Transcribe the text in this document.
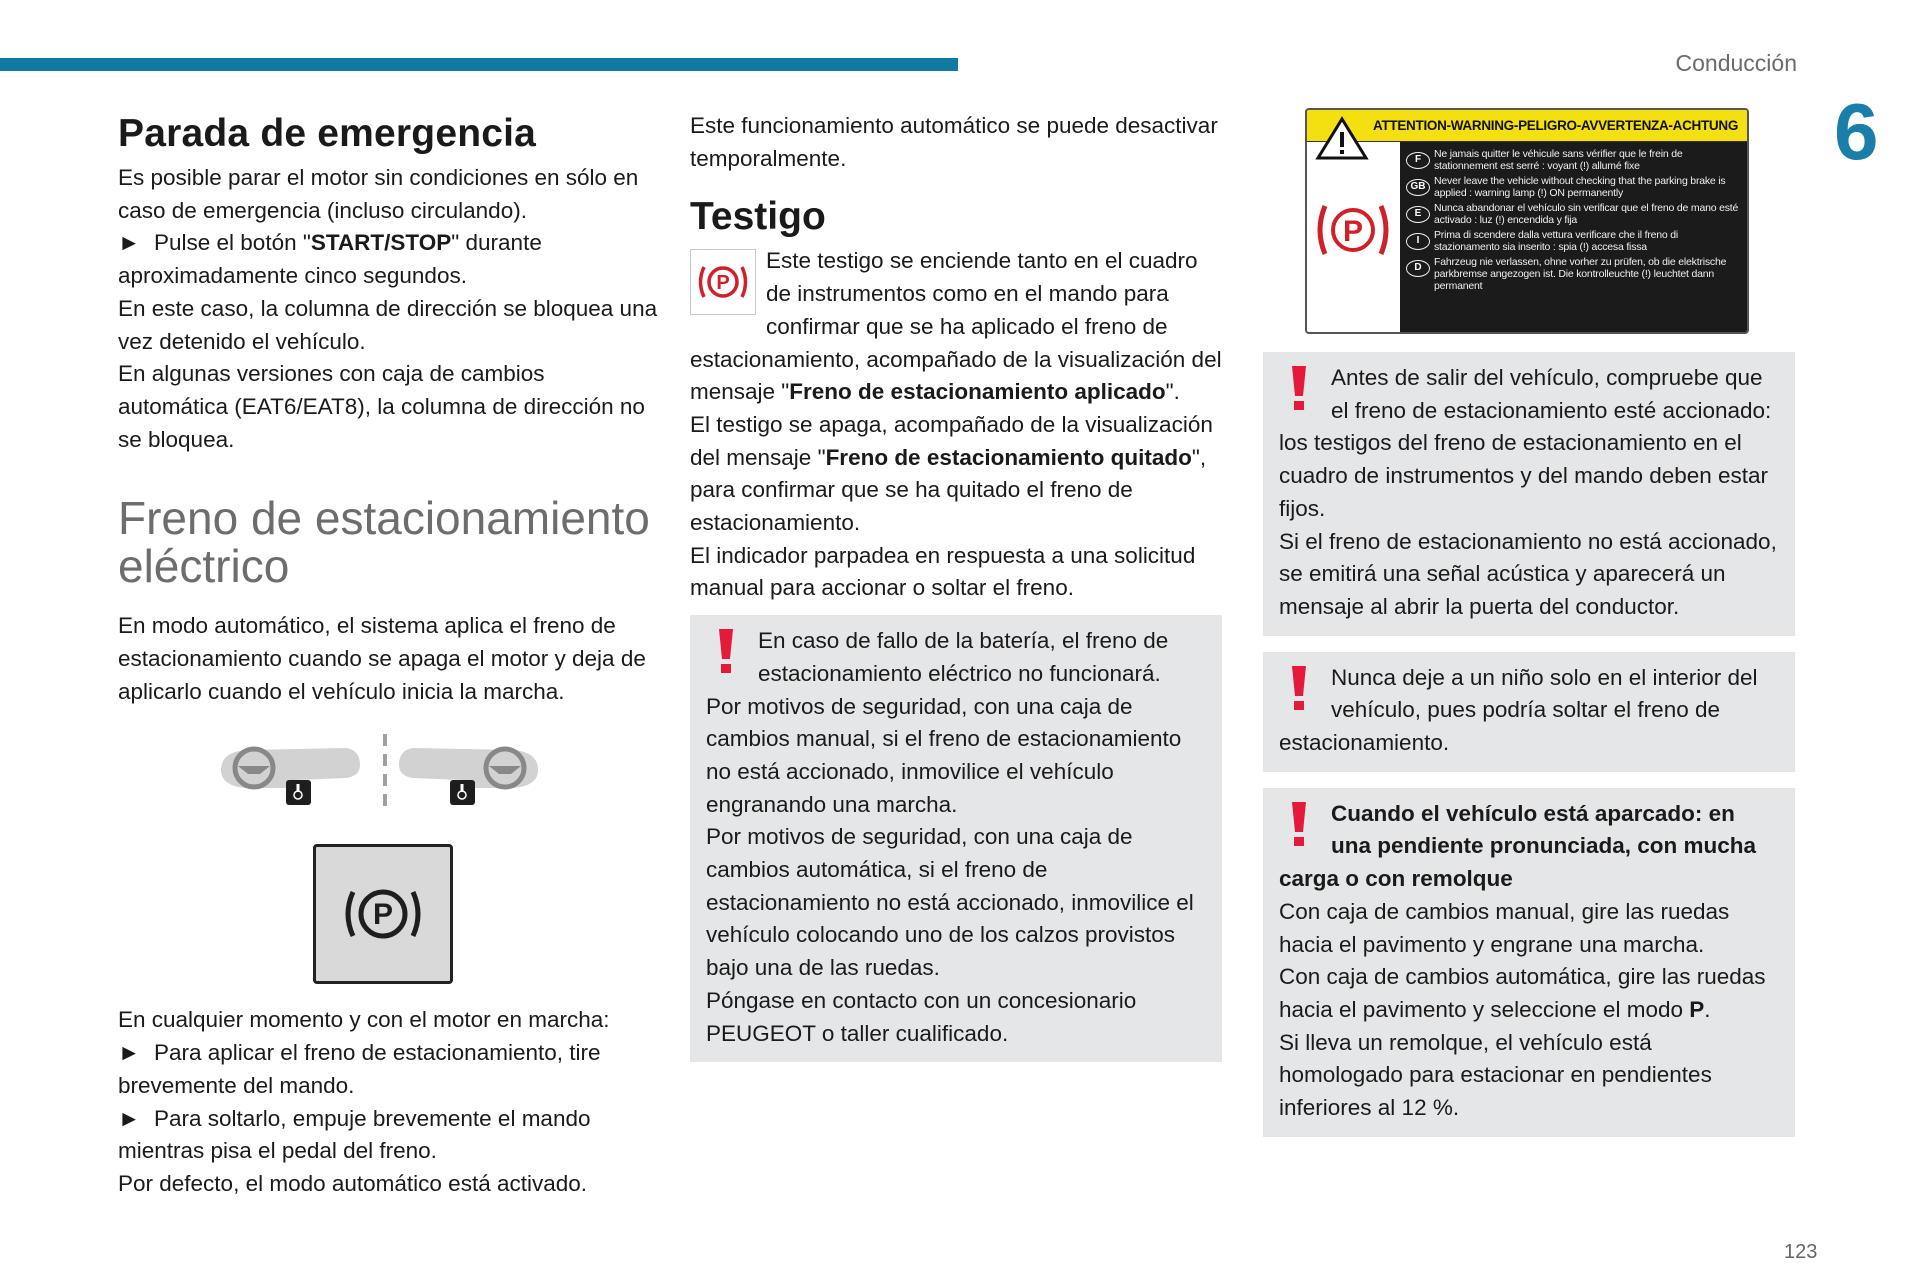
Conducción
6
Parada de emergencia

Es posible parar el motor sin condiciones en sólo en caso de emergencia (incluso circulando).

► Pulse el botón "START/STOP" durante aproximadamente cinco segundos.

En este caso, la columna de dirección se bloquea una vez detenido el vehículo.

En algunas versiones con caja de cambios automática (EAT6/EAT8), la columna de dirección no se bloquea.

Freno de estacionamiento eléctrico

En modo automático, el sistema aplica el freno de estacionamiento cuando se apaga el motor y deja de aplicarlo cuando el vehículo inicia la marcha.

P

En cualquier momento y con el motor en marcha:

► Para aplicar el freno de estacionamiento, tire brevemente del mando.

► Para soltarlo, empuje brevemente el mando mientras pisa el pedal del freno.

Por defecto, el modo automático está activado.

Este funcionamiento automático se puede desactivar temporalmente.

Testigo

P
Este testigo se enciende tanto en el cuadro de instrumentos como en el mando para confirmar que se ha aplicado el freno de estacionamiento, acompañado de la visualización del mensaje "Freno de estacionamiento aplicado".

El testigo se apaga, acompañado de la visualización del mensaje "Freno de estacionamiento quitado", para confirmar que se ha quitado el freno de estacionamiento.

El indicador parpadea en respuesta a una solicitud manual para accionar o soltar el freno.

En caso de fallo de la batería, el freno de estacionamiento eléctrico no funcionará.

Por motivos de seguridad, con una caja de cambios manual, si el freno de estacionamiento no está accionado, inmovilice el vehículo engranando una marcha.

Por motivos de seguridad, con una caja de cambios automática, si el freno de estacionamiento no está accionado, inmovilice el vehículo colocando uno de los calzos provistos bajo una de las ruedas.

Póngase en contacto con un concesionario PEUGEOT o taller cualificado.

ATTENTION-WARNING-PELIGRO-AVVERTENZA-ACHTUNG
P
F	Ne jamais quitter le véhicule sans vérifier que le frein de stationnement est serré : voyant (!) allumé fixe
GB Never leave the vehicle without checking that the parking brake is applied : warning lamp (!) ON permanently
E	Nunca abandonar el vehículo sin verificar que el freno de mano esté activado : luz (!) encendida y fija
I	Prima di scendere dalla vettura verificare che il freno di stazionamento sia inserito : spia (!) accesa fissa
D	Fahrzeug nie verlassen, ohne vorher zu prüfen, ob die elektrische parkbremse angezogen ist. Die kontrolleuchte (!) leuchtet dann permanent

Antes de salir del vehículo, compruebe que el freno de estacionamiento esté accionado: los testigos del freno de estacionamiento en el cuadro de instrumentos y del mando deben estar fijos.

Si el freno de estacionamiento no está accionado, se emitirá una señal acústica y aparecerá un mensaje al abrir la puerta del conductor.

Nunca deje a un niño solo en el interior del vehículo, pues podría soltar el freno de estacionamiento.

Cuando el vehículo está aparcado: en una pendiente pronunciada, con mucha carga o con remolque

Con caja de cambios manual, gire las ruedas hacia el pavimento y engrane una marcha.

Con caja de cambios automática, gire las ruedas hacia el pavimento y seleccione el modo P.

Si lleva un remolque, el vehículo está homologado para estacionar en pendientes inferiores al 12 %.

123
